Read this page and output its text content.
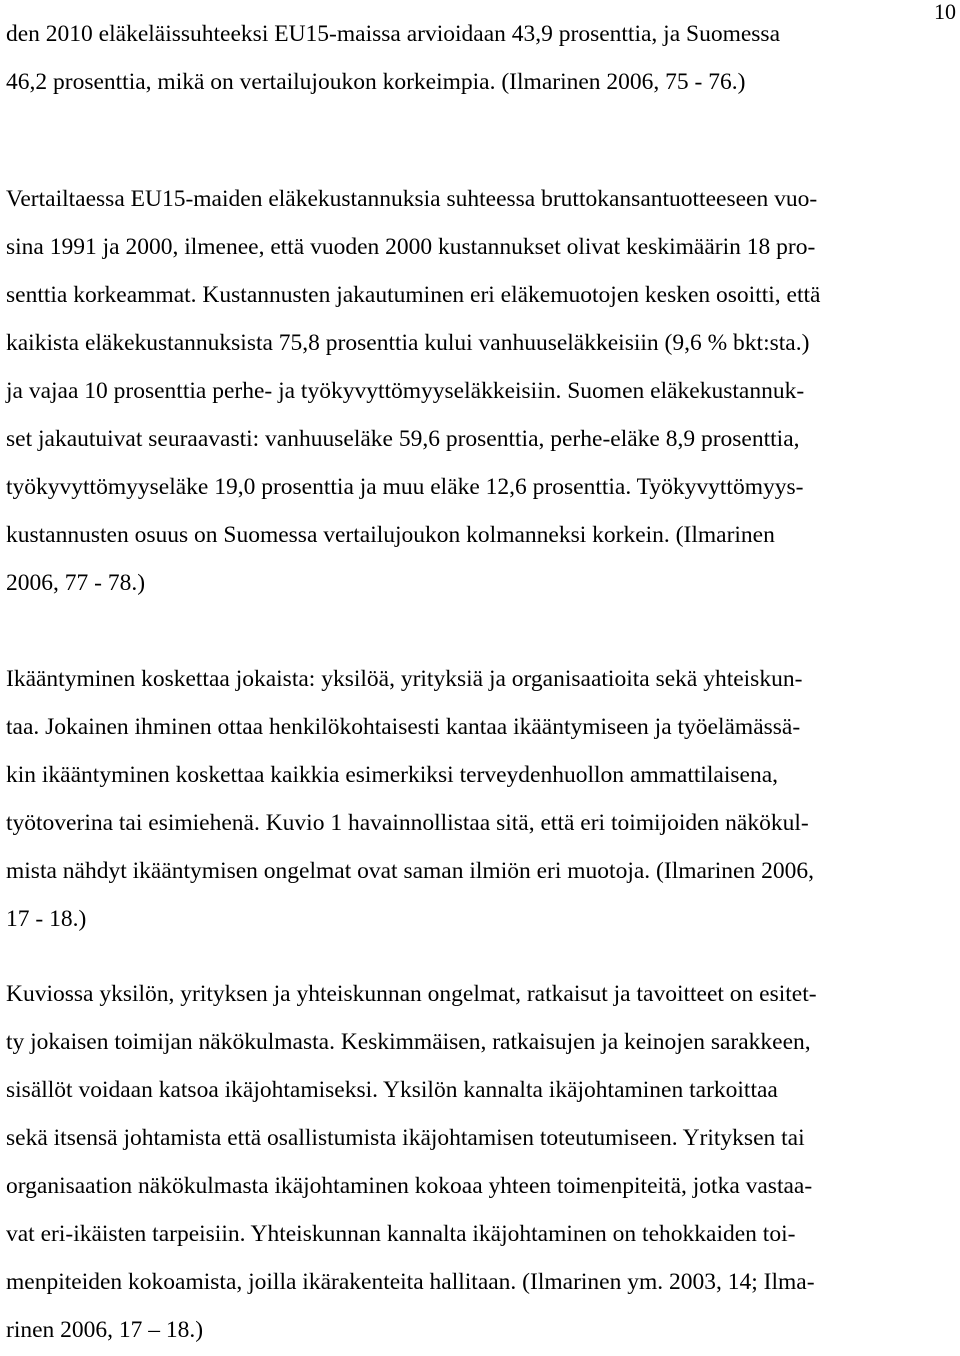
10
den 2010 eläkeläissuhteeksi EU15-maissa arvioidaan 43,9 prosenttia, ja Suomessa
46,2 prosenttia, mikä on vertailujoukon korkeimpia. (Ilmarinen 2006, 75 - 76.)
Vertailtaessa EU15-maiden eläkekustannuksia suhteessa bruttokansantuotteeseen vuo-
sina 1991 ja 2000, ilmenee, että vuoden 2000 kustannukset olivat keskimäärin 18 pro-
senttia korkeammat. Kustannusten jakautuminen eri eläkemuotojen kesken osoitti, että
kaikista eläkekustannuksista 75,8 prosenttia kului vanhuuseläkkeisiin (9,6 % bkt:sta.)
ja vajaa 10 prosenttia perhe- ja työkyvyttömyyseläkkeisiin. Suomen eläkekustannuk-
set jakautuivat seuraavasti: vanhuuseläke 59,6 prosenttia, perhe-eläke 8,9 prosenttia,
työkyvyttömyyseläke 19,0 prosenttia ja muu eläke 12,6 prosenttia. Työkyvyttömyys-
kustannusten osuus on Suomessa vertailujoukon kolmanneksi korkein. (Ilmarinen
2006, 77 - 78.)
Ikääntyminen koskettaa jokaista: yksilöä, yrityksiä ja organisaatioita sekä yhteiskun-
taa. Jokainen ihminen ottaa henkilökohtaisesti kantaa ikääntymiseen ja työelämässä-
kin ikääntyminen koskettaa kaikkia esimerkiksi terveydenhuollon ammattilaisena,
työtoverina tai esimiehenä. Kuvio 1 havainnollistaa sitä, että eri toimijoiden näkökul-
mista nähdyt ikääntymisen ongelmat ovat saman ilmiön eri muotoja. (Ilmarinen 2006,
17 - 18.)
Kuviossa yksilön, yrityksen ja yhteiskunnan ongelmat, ratkaisut ja tavoitteet on esitet-
ty jokaisen toimijan näkökulmasta. Keskimmäisen, ratkaisujen ja keinojen sarakkeen,
sisällöt voidaan katsoa ikäjohtamiseksi. Yksilön kannalta ikäjohtaminen tarkoittaa
sekä itsensä johtamista että osallistumista ikäjohtamisen toteutumiseen. Yrityksen tai
organisaation näkökulmasta ikäjohtaminen kokoaa yhteen toimenpiteitä, jotka vastaa-
vat eri-ikäisten tarpeisiin. Yhteiskunnan kannalta ikäjohtaminen on tehokkaiden toi-
menpiteiden kokoamista, joilla ikärakenteita hallitaan. (Ilmarinen ym. 2003, 14; Ilma-
rinen 2006, 17 – 18.)
